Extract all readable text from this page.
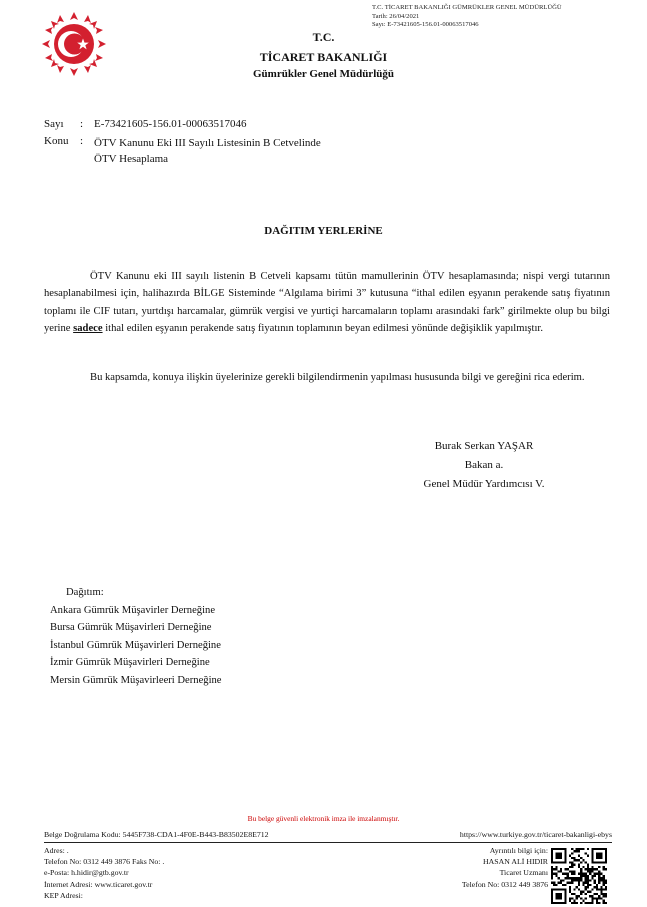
T.C. TİCARET BAKANLIĞI GÜMRÜKLER GENEL MÜDÜRLÜĞÜ
Tarih: 26/04/2021
Sayı: E-73421605-156.01-00063517046
T.C.
TİCARET BAKANLIĞI
Gümrükler Genel Müdürlüğü
Sayı : E-73421605-156.01-00063517046
Konu : ÖTV Kanunu Eki III Sayılı Listesinin B Cetvelinde ÖTV Hesaplama
DAĞITIM YERLERİNE
ÖTV Kanunu eki III sayılı listenin B Cetveli kapsamı tütün mamullerinin ÖTV hesaplamasında; nispi vergi tutarının hesaplanabilmesi için, halihazırda BİLGE Sisteminde “Algılama birimi 3” kutusuna “ithal edilen eşyanın perakende satış fiyatının toplamı ile CIF tutarı, yurtdışı harcamalar, gümrük vergisi ve yurtiçi harcamaların toplamı arasındaki fark” girilmekte olup bu bilgi yerine sadece ithal edilen eşyanın perakende satış fiyatının toplamının beyan edilmesi yönünde değişiklik yapılmıştır.
Bu kapsamda, konuya ilişkin üyelerinize gerekli bilgilendirmenin yapılması hususunda bilgi ve gereğini rica ederim.
Burak Serkan YAŞAR
Bakan a.
Genel Müdür Yardımcısı V.
Dağıtım:
Ankara Gümrük Müşavirler Derneğine
Bursa Gümrük Müşavirleri Derneğine
İstanbul Gümrük Müşavirleri Derneğine
İzmir Gümrük Müşavirleri Derneğine
Mersin Gümrük Müşavirleeri Derneğine
Bu belge güvenli elektronik imza ile imzalanmıştır.
Belge Doğrulama Kodu: 5445F738-CDA1-4F0E-B443-B83502E8E712	https://www.turkiye.gov.tr/ticaret-bakanligi-ebys
Adres: .
Telefon No: 0312 449 3876 Faks No: .
e-Posta: h.hidir@gtb.gov.tr
İnternet Adresi: www.ticaret.gov.tr
KEP Adresi:
Ayrıntılı bilgi için:
HASAN ALİ HIDIR
Ticaret Uzmanı
Telefon No: 0312 449 3876
